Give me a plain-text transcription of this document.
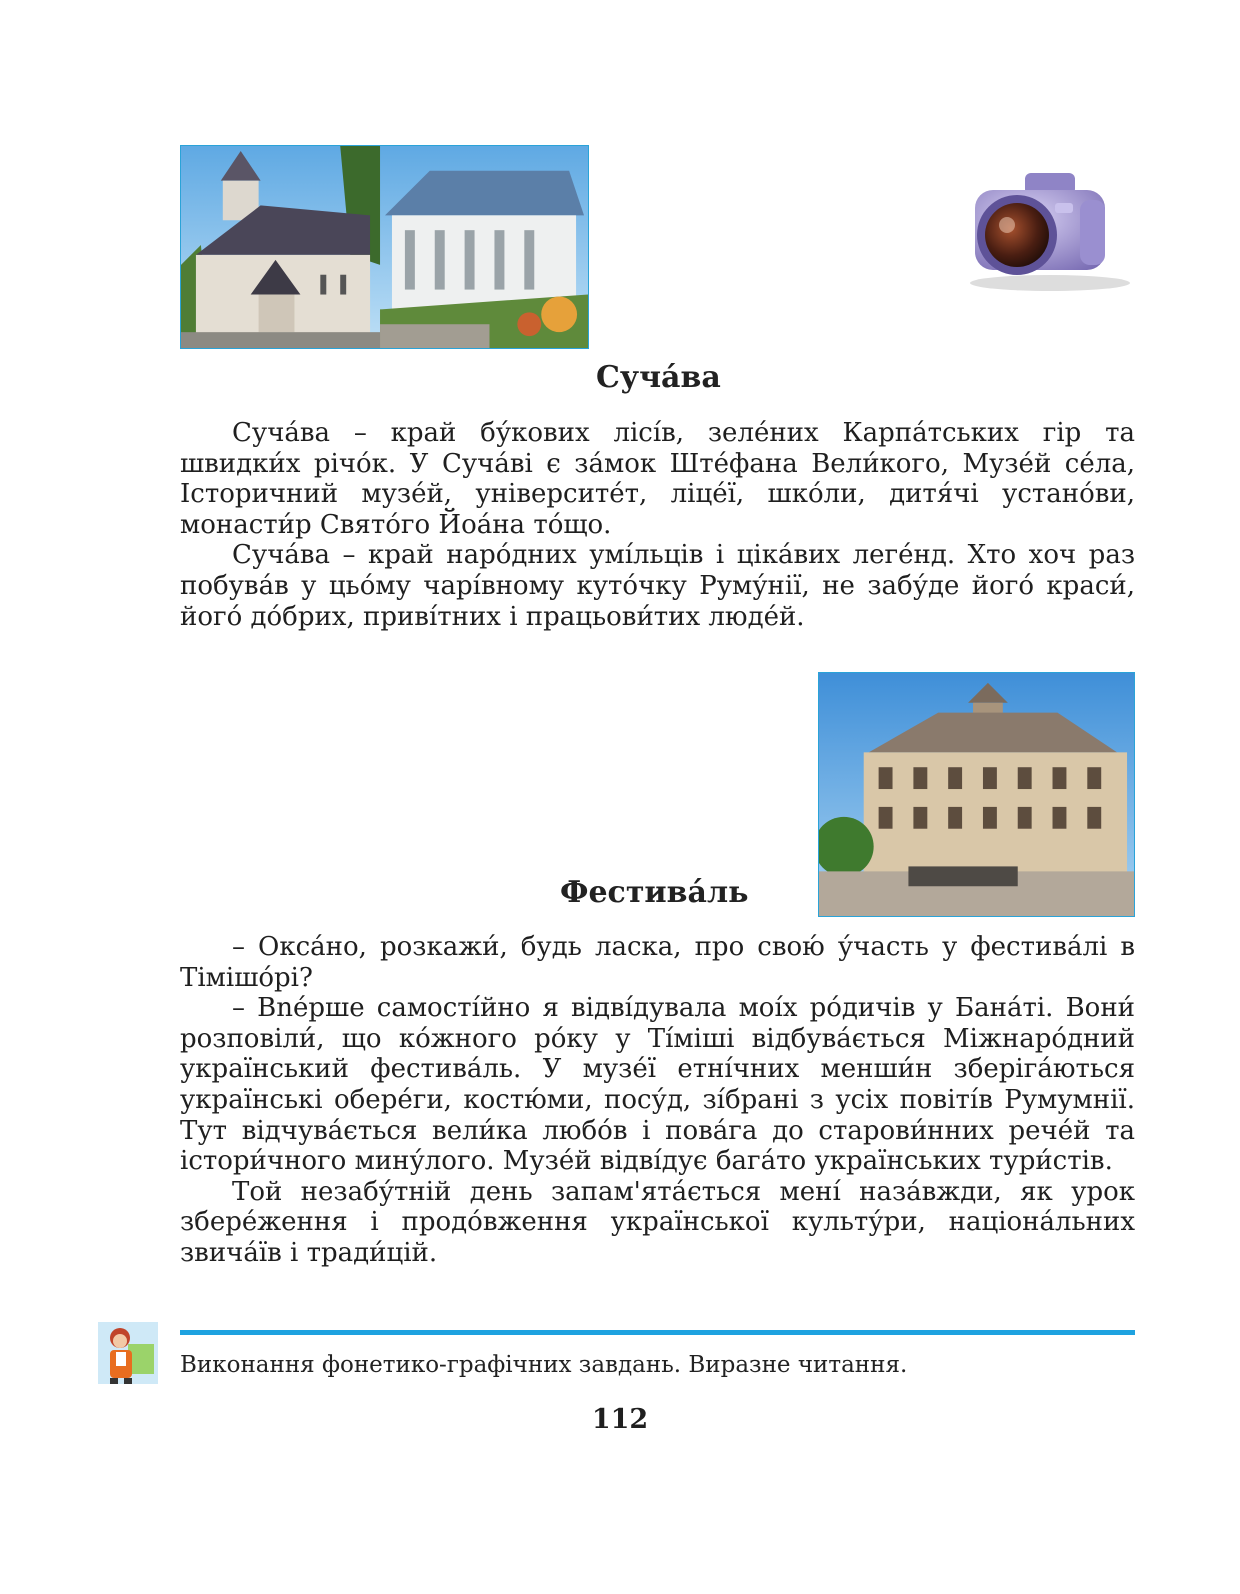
Суча́ва

Суча́ва – край бу́кових лісі́в, зеле́них Карпа́тських гір та швидки́х річо́к. У Суча́ві є за́мок Ште́фана Вели́кого, Музе́й се́ла, Історичний музе́й, університе́т, ліце́ї, шко́ли, дитя́чі устано́ви, монасти́р Свято́го Йоа́на то́що.

Суча́ва – край наро́дних умі́льців і ціка́вих леге́нд. Хто хоч раз побува́в у цьо́му чарі́вному куто́чку Руму́нії, не забу́де його́ краси́, його́ до́брих, приві́тних і працьови́тих люде́й.

Фестива́ль

– Окса́но, розкажи́, будь ласка, про свою́ у́часть у фестива́лі в Тімішо́рі?

– Вnépше самості́йно я відві́дувала моі́х ро́дичів у Бана́ті. Вони́ розповіли́, що ко́жного ро́ку у Ті́міші відбува́ється Міжнаро́дний український фестива́ль. У музе́ї етні́чних менши́н зберіга́ються українські обере́ги, костю́ми, посу́д, зі́брані з усіх повіті́в Румумнії. Тут відчува́ється вели́ка любо́в і пова́га до старови́нних рече́й та істори́чного мину́лого. Музе́й відві́дує бага́то українських тури́стів.

Той незабу́тній день запам'ята́ється мені́ наза́вжди, як урок збере́ження і продо́вження української культу́ри, націона́льних звича́їв і тради́цій.

Виконання фонетико-графічних завдань. Виразне читання.
112
